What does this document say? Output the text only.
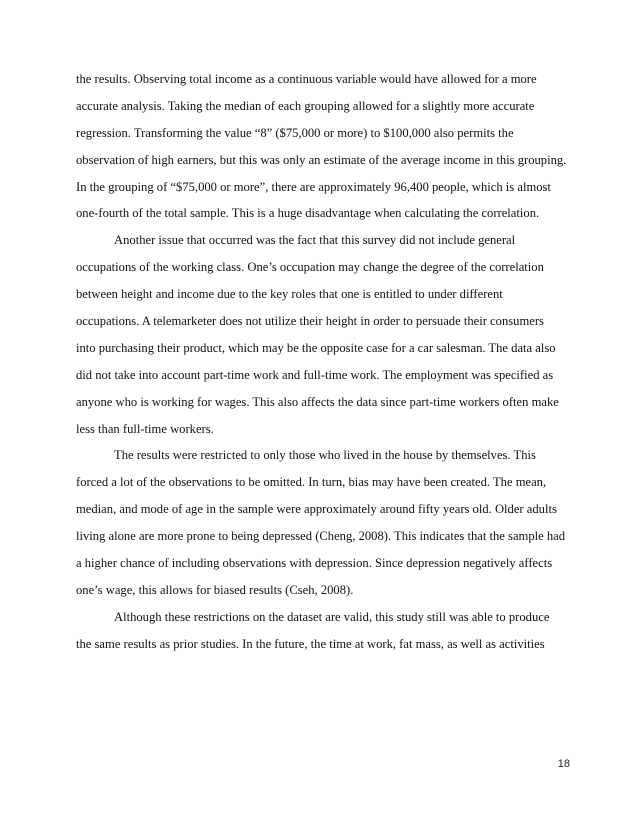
the results. Observing total income as a continuous variable would have allowed for a more
accurate analysis. Taking the median of each grouping allowed for a slightly more accurate
regression. Transforming the value “8” ($75,000 or more) to $100,000 also permits the
observation of high earners, but this was only an estimate of the average income in this grouping.
In the grouping of “$75,000 or more”, there are approximately 96,400 people, which is almost
one-fourth of the total sample. This is a huge disadvantage when calculating the correlation.
Another issue that occurred was the fact that this survey did not include general
occupations of the working class. One’s occupation may change the degree of the correlation
between height and income due to the key roles that one is entitled to under different
occupations. A telemarketer does not utilize their height in order to persuade their consumers
into purchasing their product, which may be the opposite case for a car salesman. The data also
did not take into account part-time work and full-time work. The employment was specified as
anyone who is working for wages. This also affects the data since part-time workers often make
less than full-time workers.
The results were restricted to only those who lived in the house by themselves. This
forced a lot of the observations to be omitted. In turn, bias may have been created. The mean,
median, and mode of age in the sample were approximately around fifty years old. Older adults
living alone are more prone to being depressed (Cheng, 2008). This indicates that the sample had
a higher chance of including observations with depression. Since depression negatively affects
one’s wage, this allows for biased results (Cseh, 2008).
Although these restrictions on the dataset are valid, this study still was able to produce
the same results as prior studies. In the future, the time at work, fat mass, as well as activities
18
